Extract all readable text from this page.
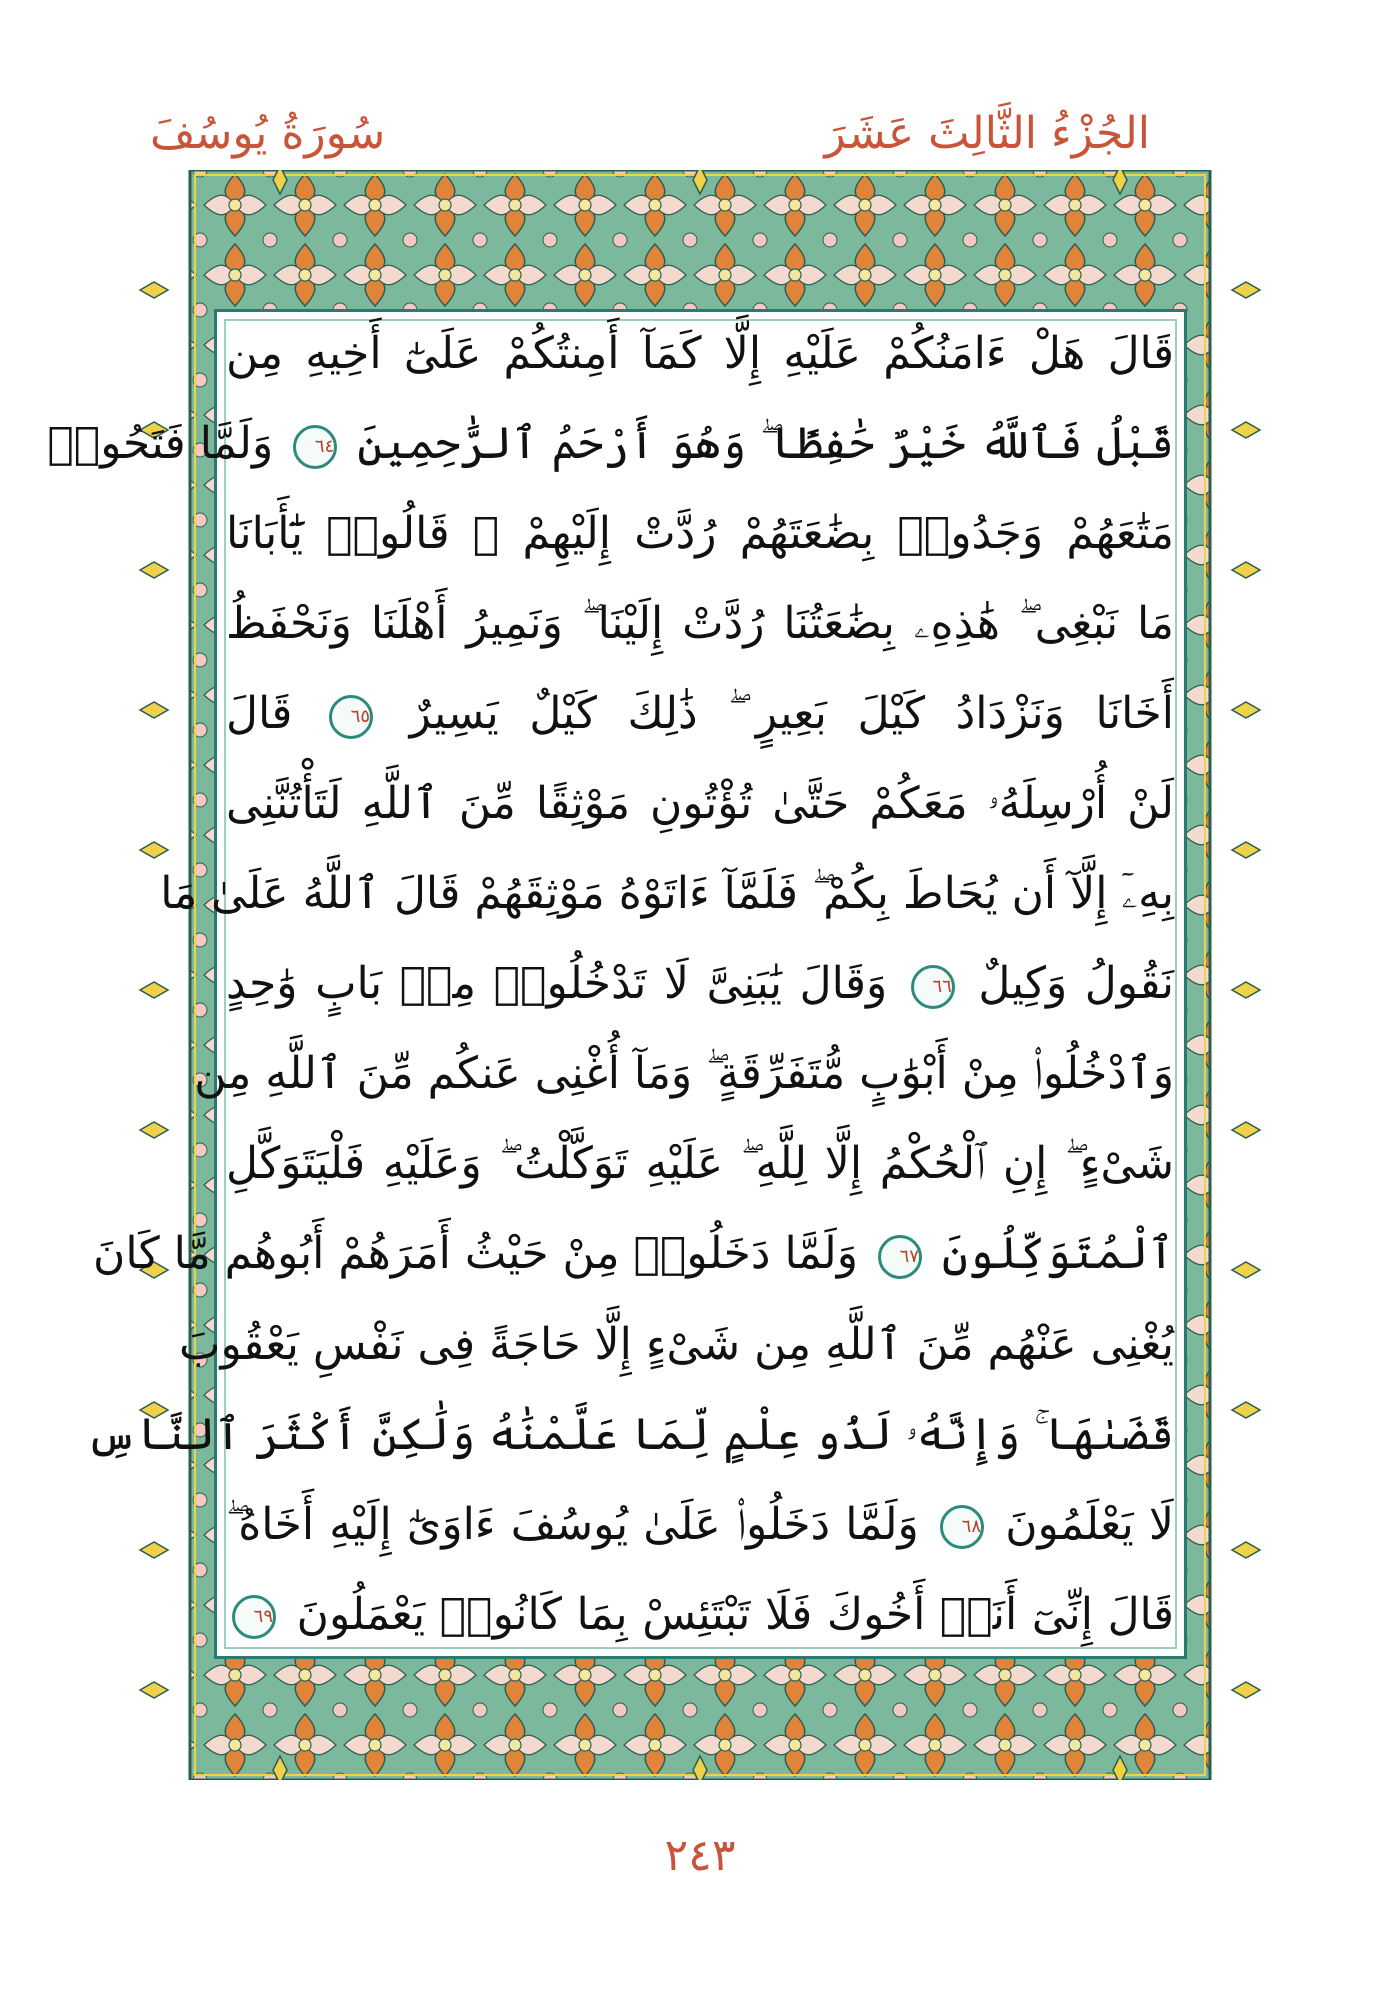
الجُزْءُ الثَّالِثَ عَشَرَ
سُورَةُ يُوسُفَ
قَالَ هَلْ ءَامَنُكُمْ عَلَيْهِ إِلَّا كَمَآ أَمِنتُكُمْ عَلَىٰٓ أَخِيهِ مِن
قَبْلُ فَٱللَّهُ خَيْرٌ حَٰفِظًا ۖ وَهُوَ أَرْحَمُ ٱلرَّٰحِمِينَ ٦٤ وَلَمَّا فَتَحُوا۟
مَتَٰعَهُمْ وَجَدُوا۟ بِضَٰعَتَهُمْ رُدَّتْ إِلَيْهِمْ ۖ قَالُوا۟ يَٰٓأَبَانَا
مَا نَبْغِى ۖ هَٰذِهِۦ بِضَٰعَتُنَا رُدَّتْ إِلَيْنَا ۖ وَنَمِيرُ أَهْلَنَا وَنَحْفَظُ
أَخَانَا وَنَزْدَادُ كَيْلَ بَعِيرٍ ۖ ذَٰلِكَ كَيْلٌ يَسِيرٌ ٦٥ قَالَ
لَنْ أُرْسِلَهُۥ مَعَكُمْ حَتَّىٰ تُؤْتُونِ مَوْثِقًا مِّنَ ٱللَّهِ لَتَأْتُنَّنِى
بِهِۦٓ إِلَّآ أَن يُحَاطَ بِكُمْ ۖ فَلَمَّآ ءَاتَوْهُ مَوْثِقَهُمْ قَالَ ٱللَّهُ عَلَىٰ مَا
نَقُولُ وَكِيلٌ ٦٦ وَقَالَ يَٰبَنِىَّ لَا تَدْخُلُوا۟ مِنۢ بَابٍ وَٰحِدٍ
وَٱدْخُلُوا۟ مِنْ أَبْوَٰبٍ مُّتَفَرِّقَةٍ ۖ وَمَآ أُغْنِى عَنكُم مِّنَ ٱللَّهِ مِن
شَىْءٍ ۖ إِنِ ٱلْحُكْمُ إِلَّا لِلَّهِ ۖ عَلَيْهِ تَوَكَّلْتُ ۖ وَعَلَيْهِ فَلْيَتَوَكَّلِ
ٱلْمُتَوَكِّلُونَ ٦٧ وَلَمَّا دَخَلُوا۟ مِنْ حَيْثُ أَمَرَهُمْ أَبُوهُم مَّا كَانَ
يُغْنِى عَنْهُم مِّنَ ٱللَّهِ مِن شَىْءٍ إِلَّا حَاجَةً فِى نَفْسِ يَعْقُوبَ
قَضَىٰهَا ۚ وَإِنَّهُۥ لَذُو عِلْمٍ لِّمَا عَلَّمْنَٰهُ وَلَٰكِنَّ أَكْثَرَ ٱلنَّاسِ
لَا يَعْلَمُونَ ٦٨ وَلَمَّا دَخَلُوا۟ عَلَىٰ يُوسُفَ ءَاوَىٰٓ إِلَيْهِ أَخَاهُ ۖ
قَالَ إِنِّىٓ أَنَا۠ أَخُوكَ فَلَا تَبْتَئِسْ بِمَا كَانُوا۟ يَعْمَلُونَ ٦٩
٢٤٣
